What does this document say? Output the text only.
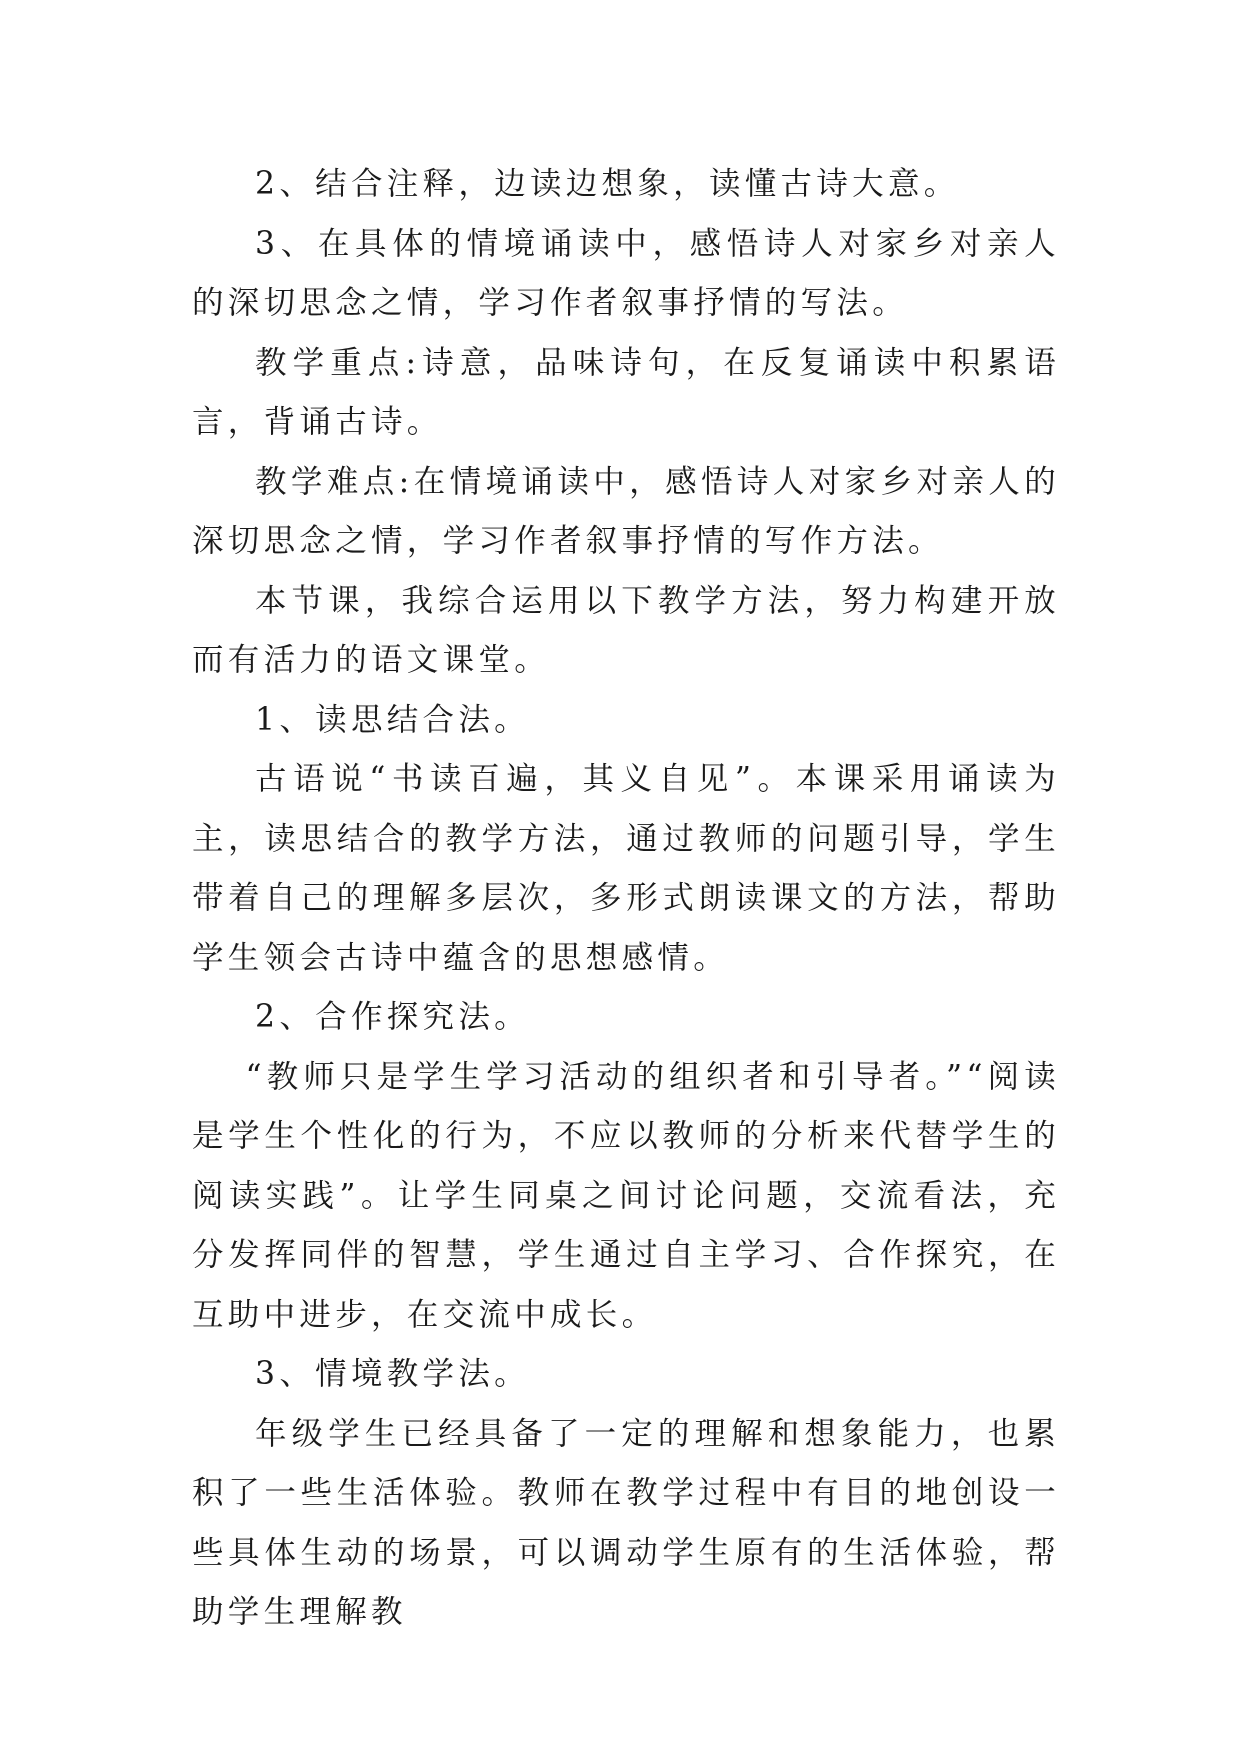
2、结合注释，边读边想象，读懂古诗大意。

3、在具体的情境诵读中，感悟诗人对家乡对亲人的深切思念之情，学习作者叙事抒情的写法。

教学重点:诗意，品味诗句，在反复诵读中积累语言，背诵古诗。

教学难点:在情境诵读中，感悟诗人对家乡对亲人的深切思念之情，学习作者叙事抒情的写作方法。

本节课，我综合运用以下教学方法，努力构建开放而有活力的语文课堂。

1、读思结合法。

古语说“书读百遍，其义自见”。本课采用诵读为主，读思结合的教学方法，通过教师的问题引导，学生带着自己的理解多层次，多形式朗读课文的方法，帮助学生领会古诗中蕴含的思想感情。

2、合作探究法。

“教师只是学生学习活动的组织者和引导者。”“阅读是学生个性化的行为，不应以教师的分析来代替学生的阅读实践”。让学生同桌之间讨论问题，交流看法，充分发挥同伴的智慧，学生通过自主学习、合作探究，在互助中进步，在交流中成长。

3、情境教学法。

年级学生已经具备了一定的理解和想象能力，也累积了一些生活体验。教师在教学过程中有目的地创设一些具体生动的场景，可以调动学生原有的生活体验，帮助学生理解教
